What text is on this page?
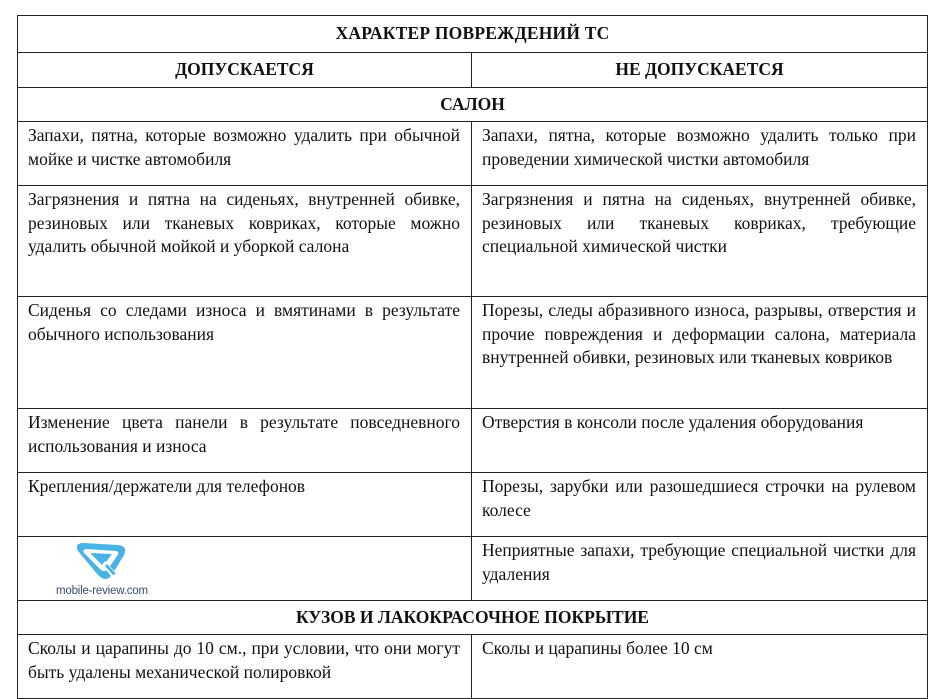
ХАРАКТЕР ПОВРЕЖДЕНИЙ ТС	
ДОПУСКАЕТСЯ	НЕ ДОПУСКАЕТСЯ
САЛОН	
Запахи, пятна, которые возможно удалить при обычной мойке и чистке автомобиля	Запахи, пятна, которые возможно удалить только при проведении химической чистки автомобиля
Загрязнения и пятна на сиденьях, внутренней обивке, резиновых или тканевых ковриках, которые можно удалить обычной мойкой и уборкой салона	Загрязнения и пятна на сиденьях, внутренней обивке, резиновых или тканевых ковриках, требующие специальной химической чистки
Сиденья со следами износа и вмятинами в результате обычного использования	Порезы, следы абразивного износа, разрывы, отверстия и прочие повреждения и деформации салона, материала внутренней обивки, резиновых или тканевых ковриков
Изменение цвета панели в результате повседневного использования и износа	Отверстия в консоли после удаления оборудования
Крепления/держатели для телефонов	Порезы, зарубки или разошедшиеся строчки на рулевом колесе

mobile-review.com	Неприятные запахи, требующие специальной чистки для удаления
КУЗОВ И ЛАКОКРАСОЧНОЕ ПОКРЫТИЕ	
Сколы и царапины до 10 см., при условии, что они могут быть удалены механической полировкой	Сколы и царапины более 10 см
